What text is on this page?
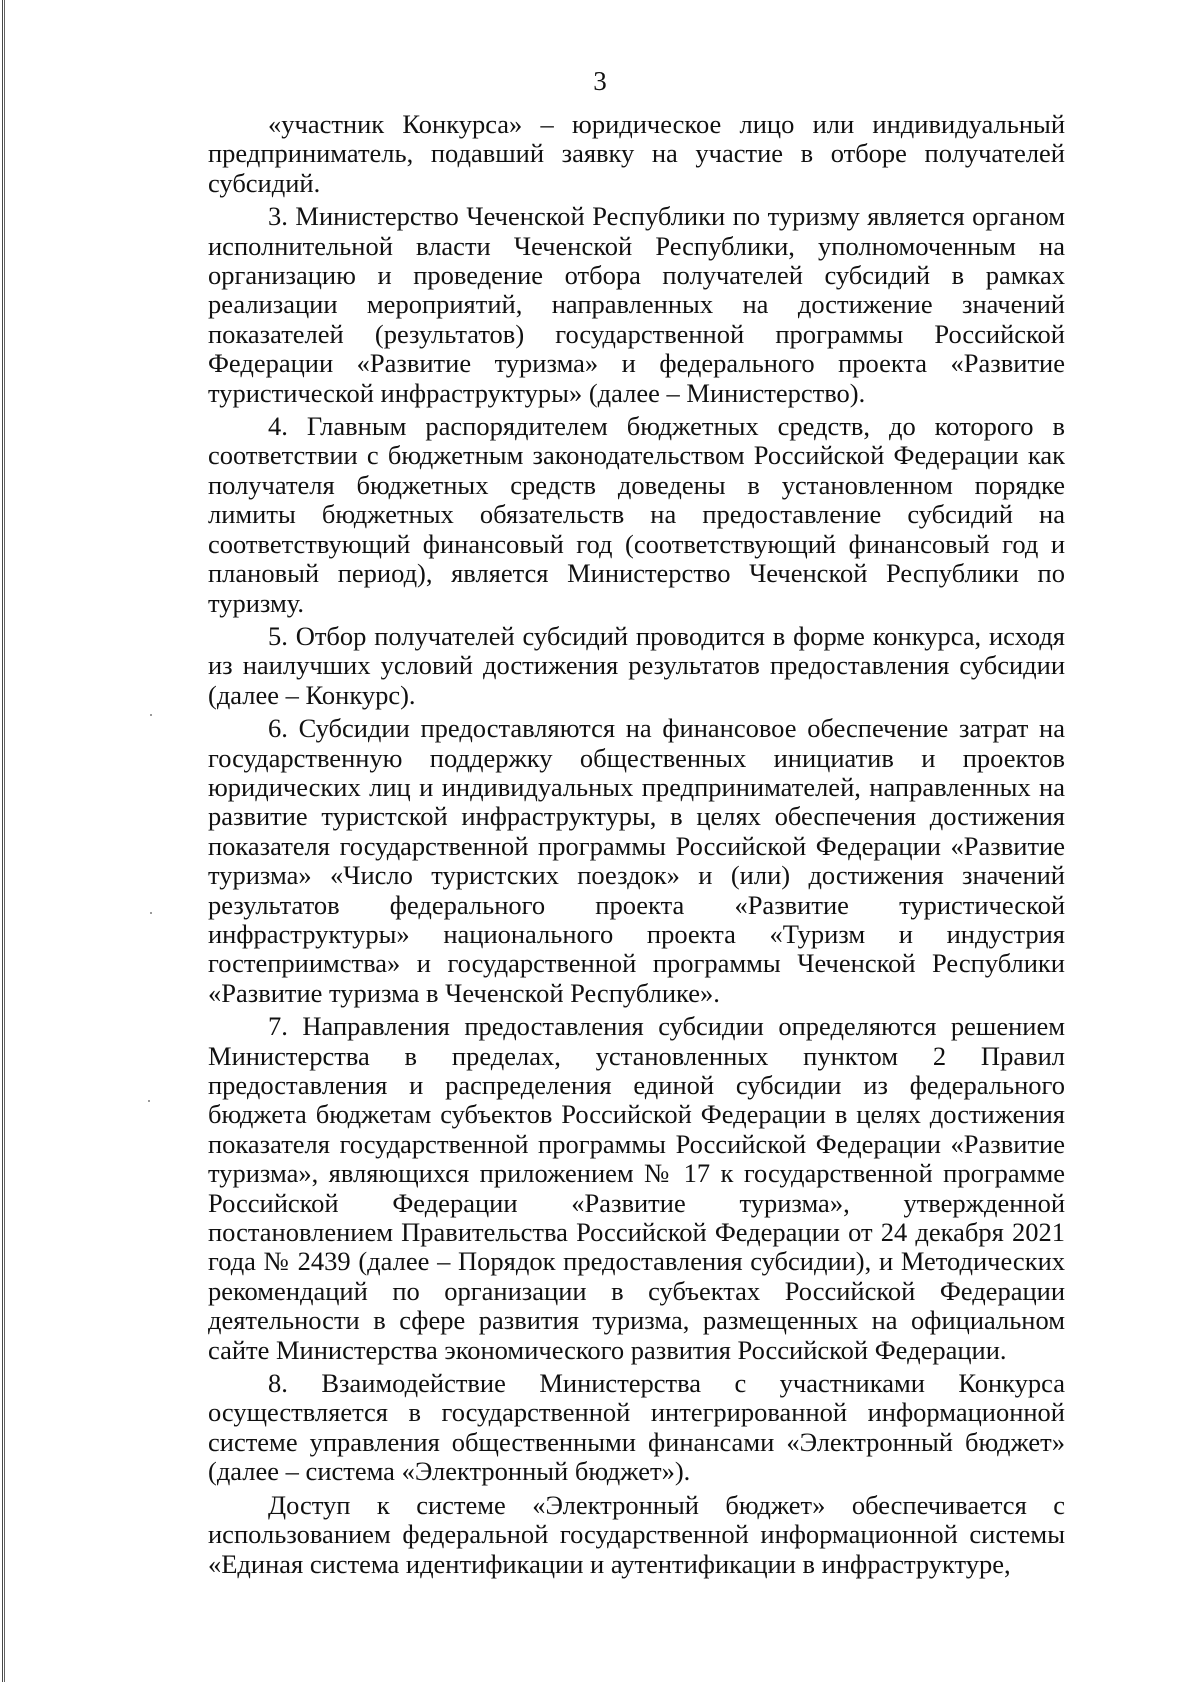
3

«участник Конкурса» – юридическое лицо или индивидуальный предприниматель, подавший заявку на участие в отборе получателей субсидий.

3. Министерство Чеченской Республики по туризму является органом исполнительной власти Чеченской Республики, уполномоченным на организацию и проведение отбора получателей субсидий в рамках реализации мероприятий, направленных на достижение значений показателей (результатов) государственной программы Российской Федерации «Развитие туризма» и федерального проекта «Развитие туристической инфраструктуры» (далее – Министерство).

4. Главным распорядителем бюджетных средств, до которого в соответствии с бюджетным законодательством Российской Федерации как получателя бюджетных средств доведены в установленном порядке лимиты бюджетных обязательств на предоставление субсидий на соответствующий финансовый год (соответствующий финансовый год и плановый период), является Министерство Чеченской Республики по туризму.

5. Отбор получателей субсидий проводится в форме конкурса, исходя из наилучших условий достижения результатов предоставления субсидии (далее – Конкурс).

6. Субсидии предоставляются на финансовое обеспечение затрат на государственную поддержку общественных инициатив и проектов юридических лиц и индивидуальных предпринимателей, направленных на развитие туристской инфраструктуры, в целях обеспечения достижения показателя государственной программы Российской Федерации «Развитие туризма» «Число туристских поездок» и (или) достижения значений результатов федерального проекта «Развитие туристической инфраструктуры» национального проекта «Туризм и индустрия гостеприимства» и государственной программы Чеченской Республики «Развитие туризма в Чеченской Республике».

7. Направления предоставления субсидии определяются решением Министерства в пределах, установленных пунктом 2 Правил предоставления и распределения единой субсидии из федерального бюджета бюджетам субъектов Российской Федерации в целях достижения показателя государственной программы Российской Федерации «Развитие туризма», являющихся приложением № 17 к государственной программе Российской Федерации «Развитие туризма», утвержденной постановлением Правительства Российской Федерации от 24 декабря 2021 года № 2439 (далее – Порядок предоставления субсидии), и Методических рекомендаций по организации в субъектах Российской Федерации деятельности в сфере развития туризма, размещенных на официальном сайте Министерства экономического развития Российской Федерации.

8. Взаимодействие Министерства с участниками Конкурса осуществляется в государственной интегрированной информационной системе управления общественными финансами «Электронный бюджет» (далее – система «Электронный бюджет»).

Доступ к системе «Электронный бюджет» обеспечивается с использованием федеральной государственной информационной системы «Единая система идентификации и аутентификации в инфраструктуре,
